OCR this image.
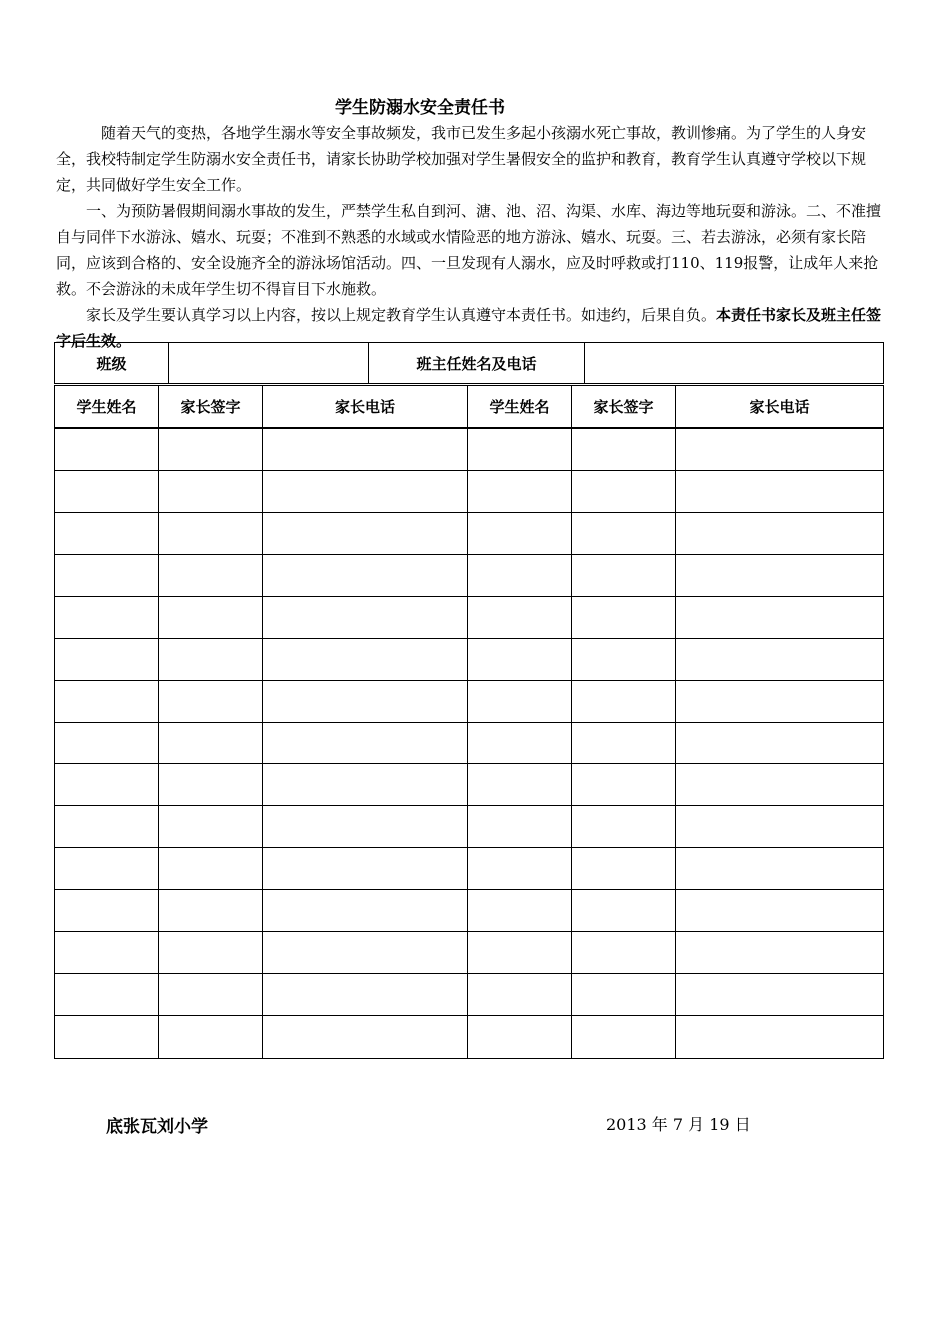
学生防溺水安全责任书

随着天气的变热，各地学生溺水等安全事故频发，我市已发生多起小孩溺水死亡事故，教训惨痛。为了学生的人身安全，我校特制定学生防溺水安全责任书，请家长协助学校加强对学生暑假安全的监护和教育，教育学生认真遵守学校以下规定，共同做好学生安全工作。

一、为预防暑假期间溺水事故的发生，严禁学生私自到河、溏、池、沼、沟渠、水库、海边等地玩耍和游泳。二、不准擅自与同伴下水游泳、嬉水、玩耍；不准到不熟悉的水域或水情险恶的地方游泳、嬉水、玩耍。三、若去游泳，必须有家长陪同，应该到合格的、安全设施齐全的游泳场馆活动。四、一旦发现有人溺水，应及时呼救或打110、119报警，让成年人来抢救。不会游泳的未成年学生切不得盲目下水施救。

家长及学生要认真学习以上内容，按以上规定教育学生认真遵守本责任书。如违约，后果自负。本责任书家长及班主任签字后生效。

班级	班主任姓名及电话
学生姓名	家长签字	家长电话	学生姓名	家长签字	家长电话
底张瓦刘小学	2013 年 7 月 19 日
